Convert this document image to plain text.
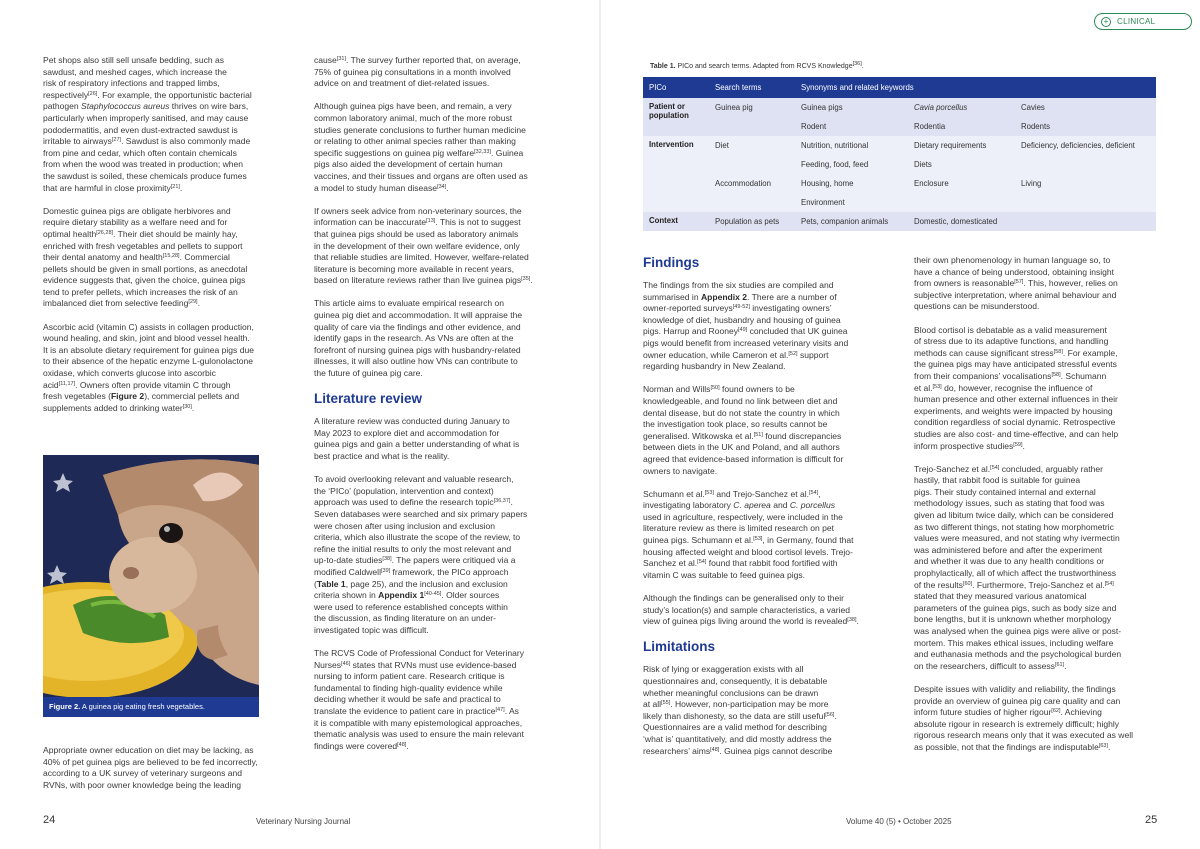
+	CLINICAL

Pet shops also still sell unsafe bedding, such as
sawdust, and meshed cages, which increase the
risk of respiratory infections and trapped limbs,
respectively[26]. For example, the opportunistic bacterial
pathogen Staphylococcus aureus thrives on wire bars,
particularly when improperly sanitised, and may cause
pododermatitis, and even dust-extracted sawdust is
irritable to airways[27]. Sawdust is also commonly made
from pine and cedar, which often contain chemicals
from when the wood was treated in production; when
the sawdust is soiled, these chemicals produce fumes
that are harmful in close proximity[21].

Domestic guinea pigs are obligate herbivores and
require dietary stability as a welfare need and for
optimal health[26,28]. Their diet should be mainly hay,
enriched with fresh vegetables and pellets to support
their dental anatomy and health[15,28]. Commercial
pellets should be given in small portions, as anecdotal
evidence suggests that, given the choice, guinea pigs
tend to prefer pellets, which increases the risk of an
imbalanced diet from selective feeding[29].

Ascorbic acid (vitamin C) assists in collagen production,
wound healing, and skin, joint and blood vessel health.
It is an absolute dietary requirement for guinea pigs due
to their absence of the hepatic enzyme L-gulonolactone
oxidase, which converts glucose into ascorbic
acid[11,17]. Owners often provide vitamin C through
fresh vegetables (Figure 2), commercial pellets and
supplements added to drinking water[30].

Figure 2. A guinea pig eating fresh vegetables.

Appropriate owner education on diet may be lacking, as
40% of pet guinea pigs are believed to be fed incorrectly,
according to a UK survey of veterinary surgeons and
RVNs, with poor owner knowledge being the leading

cause[31]. The survey further reported that, on average,
75% of guinea pig consultations in a month involved
advice on and treatment of diet-related issues.

Although guinea pigs have been, and remain, a very
common laboratory animal, much of the more robust
studies generate conclusions to further human medicine
or relating to other animal species rather than making
specific suggestions on guinea pig welfare[32,33]. Guinea
pigs also aided the development of certain human
vaccines, and their tissues and organs are often used as
a model to study human disease[34].

If owners seek advice from non-veterinary sources, the
information can be inaccurate[13]. This is not to suggest
that guinea pigs should be used as laboratory animals
in the development of their own welfare evidence, only
that reliable studies are limited. However, welfare-related
literature is becoming more available in recent years,
based on literature reviews rather than live guinea pigs[35].

This article aims to evaluate empirical research on
guinea pig diet and accommodation. It will appraise the
quality of care via the findings and other evidence, and
identify gaps in the research. As VNs are often at the
forefront of nursing guinea pigs with husbandry-related
illnesses, it will also outline how VNs can contribute to
the future of guinea pig care.

Literature review

A literature review was conducted during January to
May 2023 to explore diet and accommodation for
guinea pigs and gain a better understanding of what is
best practice and what is the reality.

To avoid overlooking relevant and valuable research,
the ‘PICo’ (population, intervention and context)
approach was used to define the research topic[36,37].
Seven databases were searched and six primary papers
were chosen after using inclusion and exclusion
criteria, which also illustrate the scope of the review, to
refine the initial results to only the most relevant and
up-to-date studies[38]. The papers were critiqued via a
modified Caldwell[39] framework, the PICo approach
(Table 1, page 25), and the inclusion and exclusion
criteria shown in Appendix 1[40-45]. Older sources
were used to reference established concepts within
the discussion, as finding literature on an under-
investigated topic was difficult.

The RCVS Code of Professional Conduct for Veterinary
Nurses[46] states that RVNs must use evidence-based
nursing to inform patient care. Research critique is
fundamental to finding high-quality evidence while
deciding whether it would be safe and practical to
translate the evidence to patient care in practice[47]. As
it is compatible with many epistemological approaches,
thematic analysis was used to ensure the main relevant
findings were covered[48].

Table 1. PICo and search terms. Adapted from RCVS Knowledge[36].
PICo	Search terms	Synonyms and related keywords		
Patient or population	Guinea pig	Guinea pigs	Cavia porcellus	Cavies
		Rodent	Rodentia	Rodents
Intervention	Diet	Nutrition, nutritional	Dietary requirements	Deficiency, deficiencies, deficient
		Feeding, food, feed	Diets	
	Accommodation	Housing, home	Enclosure	Living
		Environment		
Context	Population as pets	Pets, companion animals	Domestic, domesticated	
Findings

The findings from the six studies are compiled and
summarised in Appendix 2. There are a number of
owner-reported surveys[49-52] investigating owners’
knowledge of diet, husbandry and housing of guinea
pigs. Harrup and Rooney[49] concluded that UK guinea
pigs would benefit from increased veterinary visits and
owner education, while Cameron et al.[52] support
regarding husbandry in New Zealand.

Norman and Wills[50] found owners to be
knowledgeable, and found no link between diet and
dental disease, but do not state the country in which
the investigation took place, so results cannot be
generalised. Witkowska et al.[51] found discrepancies
between diets in the UK and Poland, and all authors
agreed that evidence-based information is difficult for
owners to navigate.

Schumann et al.[53] and Trejo-Sanchez et al.[54],
investigating laboratory C. aperea and C. porcellus
used in agriculture, respectively, were included in the
literature review as there is limited research on pet
guinea pigs. Schumann et al.[53], in Germany, found that
housing affected weight and blood cortisol levels. Trejo-
Sanchez et al.[54] found that rabbit food fortified with
vitamin C was suitable to feed guinea pigs.

Although the findings can be generalised only to their
study’s location(s) and sample characteristics, a varied
view of guinea pigs living around the world is revealed[38].

Limitations

Risk of lying or exaggeration exists with all
questionnaires and, consequently, it is debatable
whether meaningful conclusions can be drawn
at all[55]. However, non-participation may be more
likely than dishonesty, so the data are still useful[56].
Questionnaires are a valid method for describing
‘what is’ quantitatively, and did mostly address the
researchers’ aims[48]. Guinea pigs cannot describe

their own phenomenology in human language so, to
have a chance of being understood, obtaining insight
from owners is reasonable[57]. This, however, relies on
subjective interpretation, where animal behaviour and
questions can be misunderstood.

Blood cortisol is debatable as a valid measurement
of stress due to its adaptive functions, and handling
methods can cause significant stress[58]. For example,
the guinea pigs may have anticipated stressful events
from their companions’ vocalisations[58]. Schumann
et al.[53] do, however, recognise the influence of
human presence and other external influences in their
experiments, and weights were impacted by housing
condition regardless of social dynamic. Retrospective
studies are also cost- and time-effective, and can help
inform prospective studies[59].

Trejo-Sanchez et al.[54] concluded, arguably rather
hastily, that rabbit food is suitable for guinea
pigs. Their study contained internal and external
methodology issues, such as stating that food was
given ad libitum twice daily, which can be considered
as two different things, not stating how morphometric
values were measured, and not stating why ivermectin
was administered before and after the experiment
and whether it was due to any health conditions or
prophylactically, all of which affect the trustworthiness
of the results[60]. Furthermore, Trejo-Sanchez et al.[54]
stated that they measured various anatomical
parameters of the guinea pigs, such as body size and
bone lengths, but it is unknown whether morphology
was analysed when the guinea pigs were alive or post-
mortem. This makes ethical issues, including welfare
and euthanasia methods and the psychological burden
on the researchers, difficult to assess[61].

Despite issues with validity and reliability, the findings
provide an overview of guinea pig care quality and can
inform future studies of higher rigour[62]. Achieving
absolute rigour in research is extremely difficult; highly
rigorous research means only that it was executed as well
as possible, not that the findings are indisputable[63].

24	Veterinary Nursing Journal	Volume 40 (5) • October 2025	25
